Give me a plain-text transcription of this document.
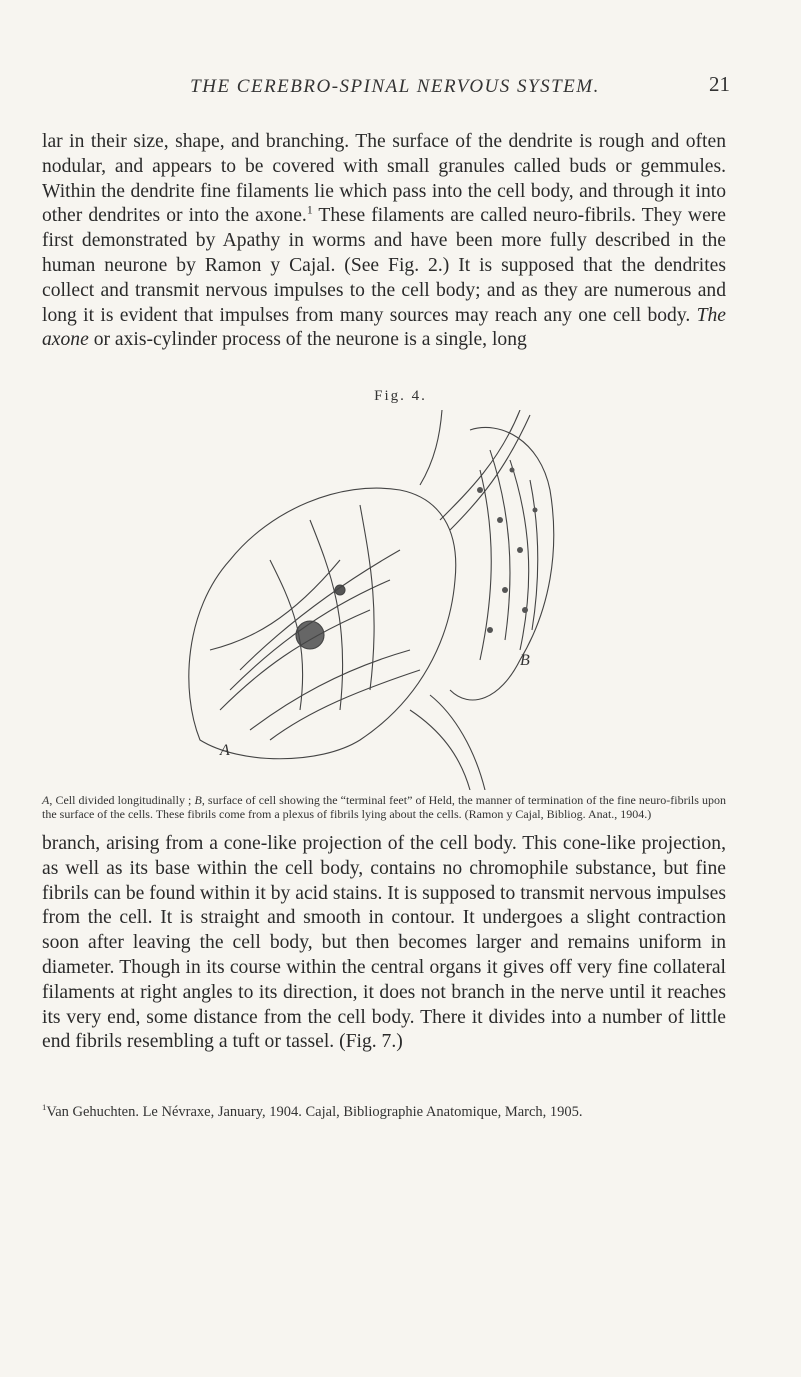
THE CEREBRO-SPINAL NERVOUS SYSTEM.	21

lar in their size, shape, and branching. The surface of the dendrite is rough and often nodular, and appears to be covered with small granules called buds or gemmules. Within the dendrite fine filaments lie which pass into the cell body, and through it into other dendrites or into the axone.$^1$ These filaments are called neuro-fibrils. They were first demonstrated by Apathy in worms and have been more fully described in the human neurone by Ramon y Cajal. (See Fig. 2.) It is supposed that the dendrites collect and transmit nervous impulses to the cell body; and as they are numerous and long it is evident that impulses from many sources may reach any one cell body. The axone or axis-cylinder process of the neurone is a single, long

Fig. 4.
A
B

A, Cell divided longitudinally ; B, surface of cell showing the “terminal feet” of Held, the manner of termination of the fine neuro-fibrils upon the surface of the cells. These fibrils come from a plexus of fibrils lying about the cells. (Ramon y Cajal, Bibliog. Anat., 1904.)

branch, arising from a cone-like projection of the cell body. This cone-like projection, as well as its base within the cell body, contains no chromophile substance, but fine fibrils can be found within it by acid stains. It is supposed to transmit nervous impulses from the cell. It is straight and smooth in contour. It undergoes a slight contraction soon after leaving the cell body, but then becomes larger and remains uniform in diameter. Though in its course within the central organs it gives off very fine collateral filaments at right angles to its direction, it does not branch in the nerve until it reaches its very end, some distance from the cell body. There it divides into a number of little end fibrils resembling a tuft or tassel. (Fig. 7.)

$^1$Van Gehuchten. Le Névraxe, January, 1904. Cajal, Bibliographie Anatomique, March, 1905.
